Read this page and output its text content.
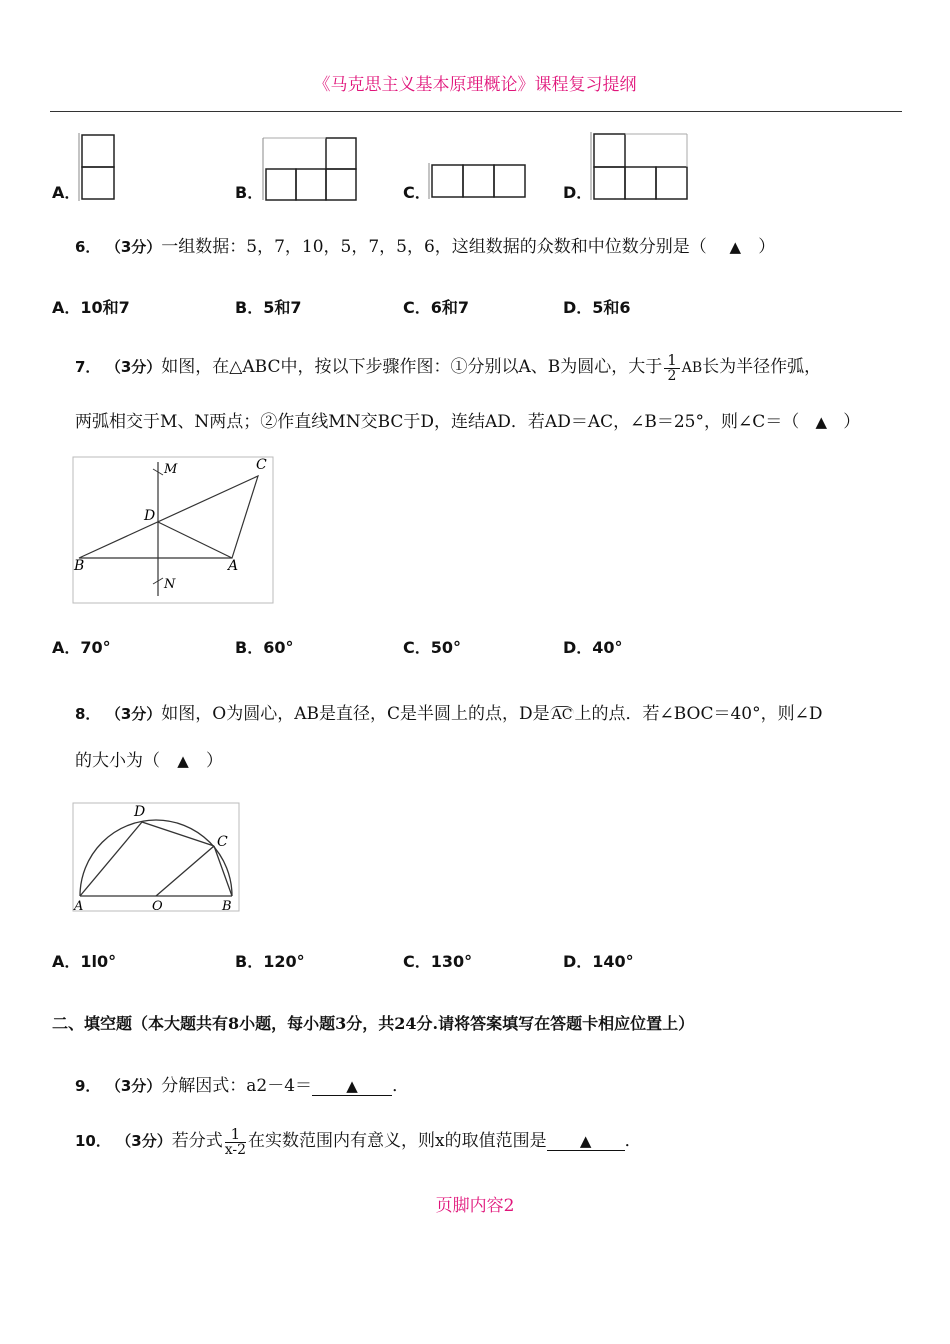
《马克思主义基本原理概论》课程复习提纲
A．	B．	C．	D．
6． （3分）一组数据：5，7，10，5，7，5，6，这组数据的众数和中位数分别是（ ▲ ）
A．10和7	B．5和7	C．6和7	D．5和6
7． （3分）如图，在△ABC中，按以下步骤作图：①分别以A、B为圆心，大于 $\frac{1}{2}$ AB长为半径作弧，
两弧相交于M、N两点；②作直线MN交BC于D，连结AD．若AD＝AC，∠B＝25°，则∠C＝（ ▲ ）
M
N
D
B	A
C
A．70°	B．60°	C．50°	D．40°
8． （3分）如图，O为圆心，AB是直径，C是半圆上的点，D是 AC 上的点．若∠BOC＝40°，则∠D
的大小为（ ▲ ）
D
C
A	O	B
A．1l0°	B．120°	C．130°	D．140°
二、填空题（本大题共有8小题，每小题3分，共24分.请将答案填写在答题卡相应位置上）
9． （3分）分解因式：a2－4＝ ▲ ．
10． （3分）若分式 $\frac{1}{x-2}$ 在实数范围内有意义，则x的取值范围是 ▲ ．
页脚内容2
